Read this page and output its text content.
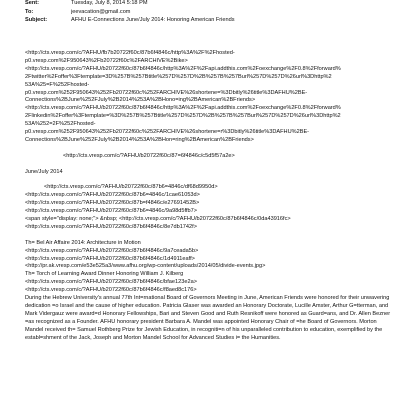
Sent:	Tuesday, July 8, 2014 5:18 PM
To:	jeevacation@gmail.com
Subject:	AFHU E-Connections June/July 2014: Honoring American Friends
<http://cts.vresp.com/c/?AFHU/fb7b20722f60c/87b6f4846c/http%3A%2F%2Fhosted-
p0.vresp.com%2F950643%2Fb20722f60c%2FARCHIVE%2Bike>
<http://cts.vresp.com/c/?AFHU/b20722f60c/87b6f4846c/http%3A%2F%2Fapi.addthis.com%2Foexchange%2F0.8%2Fforward%
2Ftwitter%2Foffer%3Ftemplate=3D%257B%257Btitle%257D%257D%2B%257B%257Burl%257D%257D%26url%3Dhttp%2
53A%25=F%252Fhosted-
p0.vresp.com%252F950643%252Fb20722f60c%252FARCHIVE%26shortene=%3Dbitly%26title%3DAFHU%2BE-
Connections%2BJune%252FJuly%2B2014%253A%2BHono=ing%2BAmerican%2BFriends>
<http://cts.vresp.com/c/?AFHU/b20722f60c/87b6f4846c/http%3A%2F%2Fapi.addthis.com%2Foexchange%2F0.8%2Fforward%
2Flinkedin%2Foffer%3Ftemplate=%3D%257B%257Btitle%257D%257D%2B%257B%257Burl%257D%257D%26url%3Dhttp%2
53A%252=2F%252Fhosted-
p0.vresp.com%252F950643%252Fb20722f60c%252FARCHIVE%26shortene=r%3Dbitly%26title%3DAFHU%2BE-
Connections%2BJune%252FJuly%2B2014%253A%2BHon=ring%2BAmerican%2BFriends>
<http://cts.vresp.com/c/?AFHU/b20722f60c/87=6f4846c/c5d5f57a2e>
June/July 2014
<http://cts.vresp.com/c/?AFHU/b20722f60c/87b6=4846c/df68d9950d>
<http://cts.vresp.com/c/?AFHU/b20722f60c/87b6=4846c/1cae61053d>
<http://cts.vresp.com/c/?AFHU/b20722f60c/87b=f4846c/e27691452B>
<http://cts.vresp.com/c/?AFHU/b20722f60c/87b6=4846c/9a98d5ffb7>
<span style="display: none;"> &nbsp; <http://cts.vresp.com/c/?AFHU/b20722f60c/87b6f4846c/0da43916fc>
<http://cts.vresp.com/c/?AFHU/b20722f60c/87b6f4846c/8e7db1742f>
Th= Bel Air Affaire 2014: Architecture in Motion
<http://cts.vresp.com/c/?AFHU/b20722f60c/87b6f4846c/9a7ceada5b>
<http://cts.vresp.com/c/?AFHU/b20722f60c/87b6f4846c/1d4911eaff>
<http://pr.ak.vresp.com/e53e525a3/www.afhu.org/wp-content/uploads/2014/05/divide-events.jpg>
Th= Torch of Learning Award Dinner Honoring William J. Kilberg
<http://cts.vresp.com/c/?AFHU/b20722f60c/87b6f4846c/bfae123e2a>
<http://cts.vresp.com/c/?AFHU/b20722f60c/87b6f4846c/f8aed8c176>
During the Hebrew University's annual 77th Int=rnational Board of Governors Meeting in June, American Friends were honored for their unwavering dedication =o Israel and the cause of higher education. Patricia Glaser was awarded an Honorary Doctorate, Lucille Amster, Arthur G=tterman, and Mark Vidergauz were award=d Honorary Fellowships, Bari and Steven Good and Ruth Resnikoff were honored as Guard=ans, and Dr. Allen Bezner =as recognized as a Founder. AFHU honorary president Barbara A. Mandel was appointed Honorary Chair of =he Board of Governors. Morton Mandel received th= Samuel Rothberg Prize for Jewish Education, in recogniti=n of his unparalleled contribution to education, exemplified by the establ=shment of the Jack, Joseph and Morton Mandel School for Advanced Studies i= the Humanities.
